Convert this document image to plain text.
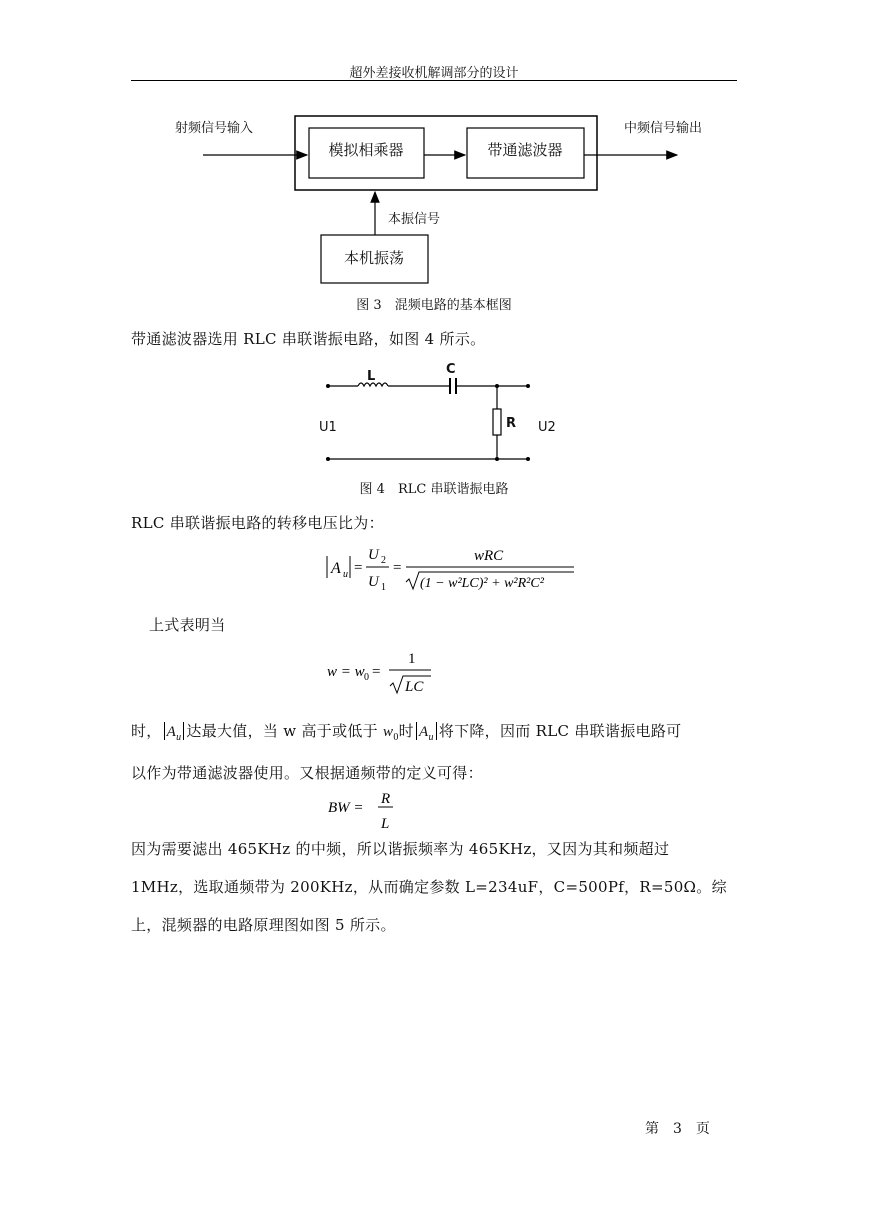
超外差接收机解调部分的设计
射频信号输入	中频信号输出
模拟相乘器	带通滤波器
本振信号
本机振荡
图 3　混频电路的基本框图
带通滤波器选用 RLC 串联谐振电路，如图 4 所示。
L	C
R
U1	U2
图 4　RLC 串联谐振电路
RLC 串联谐振电路的转移电压比为：
A u =
U 2
U 1
=
wRC
(1 − w²LC)² + w²R²C²
上式表明当
w = w 0 =
1
LC
时， $A_u$ 达最大值，当 w 高于或低于 $w_0$时 $A_u$ 将下降，因而 RLC 串联谐振电路可
以作为带通滤波器使用。又根据通频带的定义可得：
BW =
R
L
因为需要滤出 465KHz 的中频，所以谐振频率为 465KHz，又因为其和频超过
1MHz，选取通频带为 200KHz，从而确定参数 L=234uF，C=500Pf，R=50Ω。综
上，混频器的电路原理图如图 5 所示。
第　3　页
